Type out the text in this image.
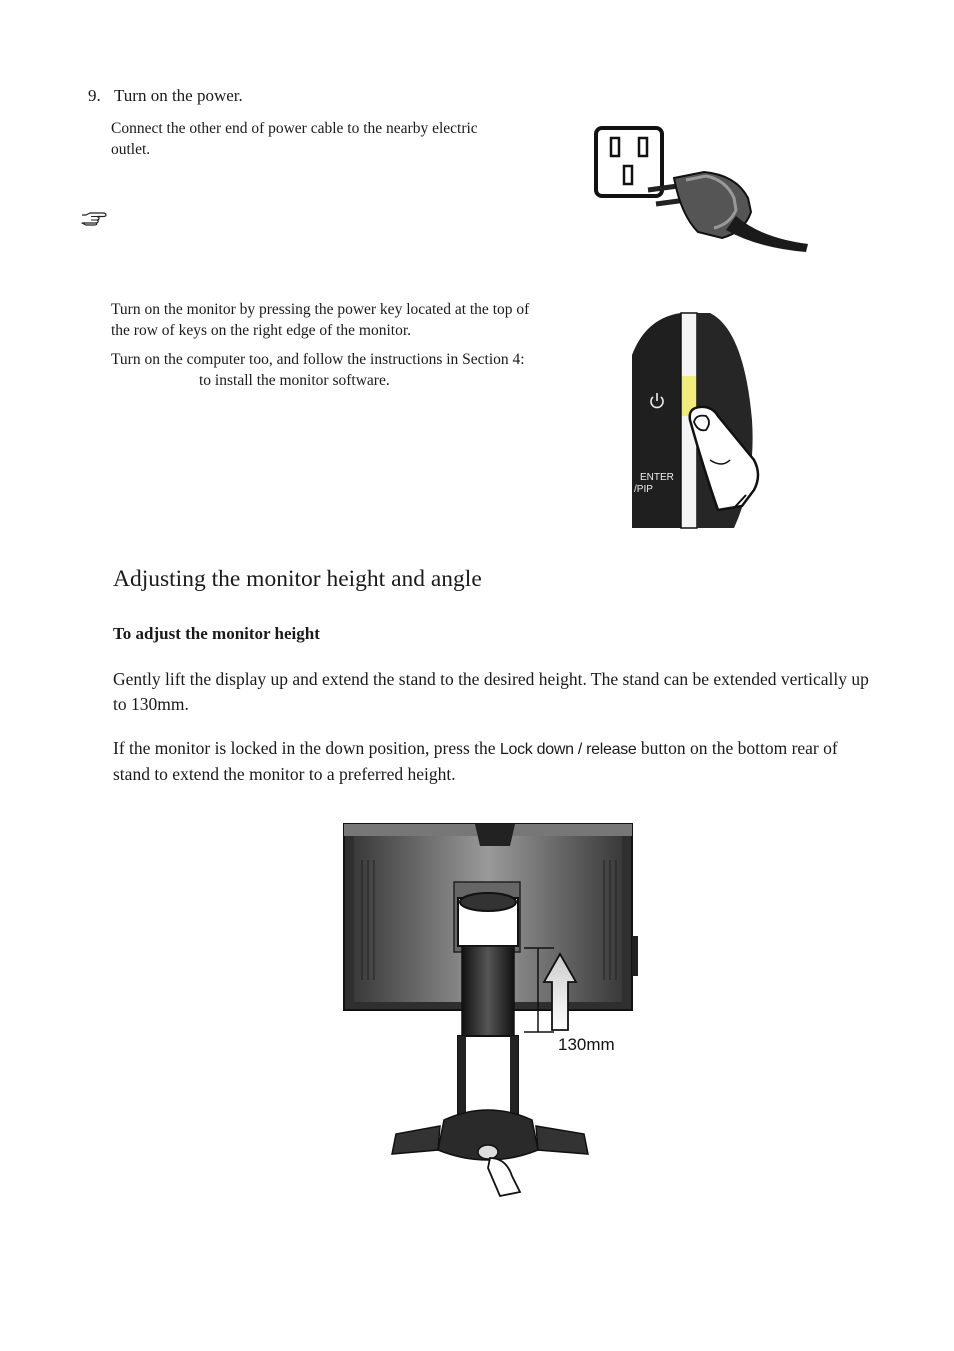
9. Turn on the power.
Connect the other end of power cable to the nearby electric outlet.
Turn on the monitor by pressing the power key located at the top of the row of keys on the right edge of the monitor.
Turn on the computer too, and follow the instructions in Section 4:
to install the monitor software.
ENTER
/PIP
Adjusting the monitor height and angle
To adjust the monitor height
Gently lift the display up and extend the stand to the desired height. The stand can be extended vertically up to 130mm.
If the monitor is locked in the down position, press the Lock down / release button on the bottom rear of stand to extend the monitor to a preferred height.
130mm
